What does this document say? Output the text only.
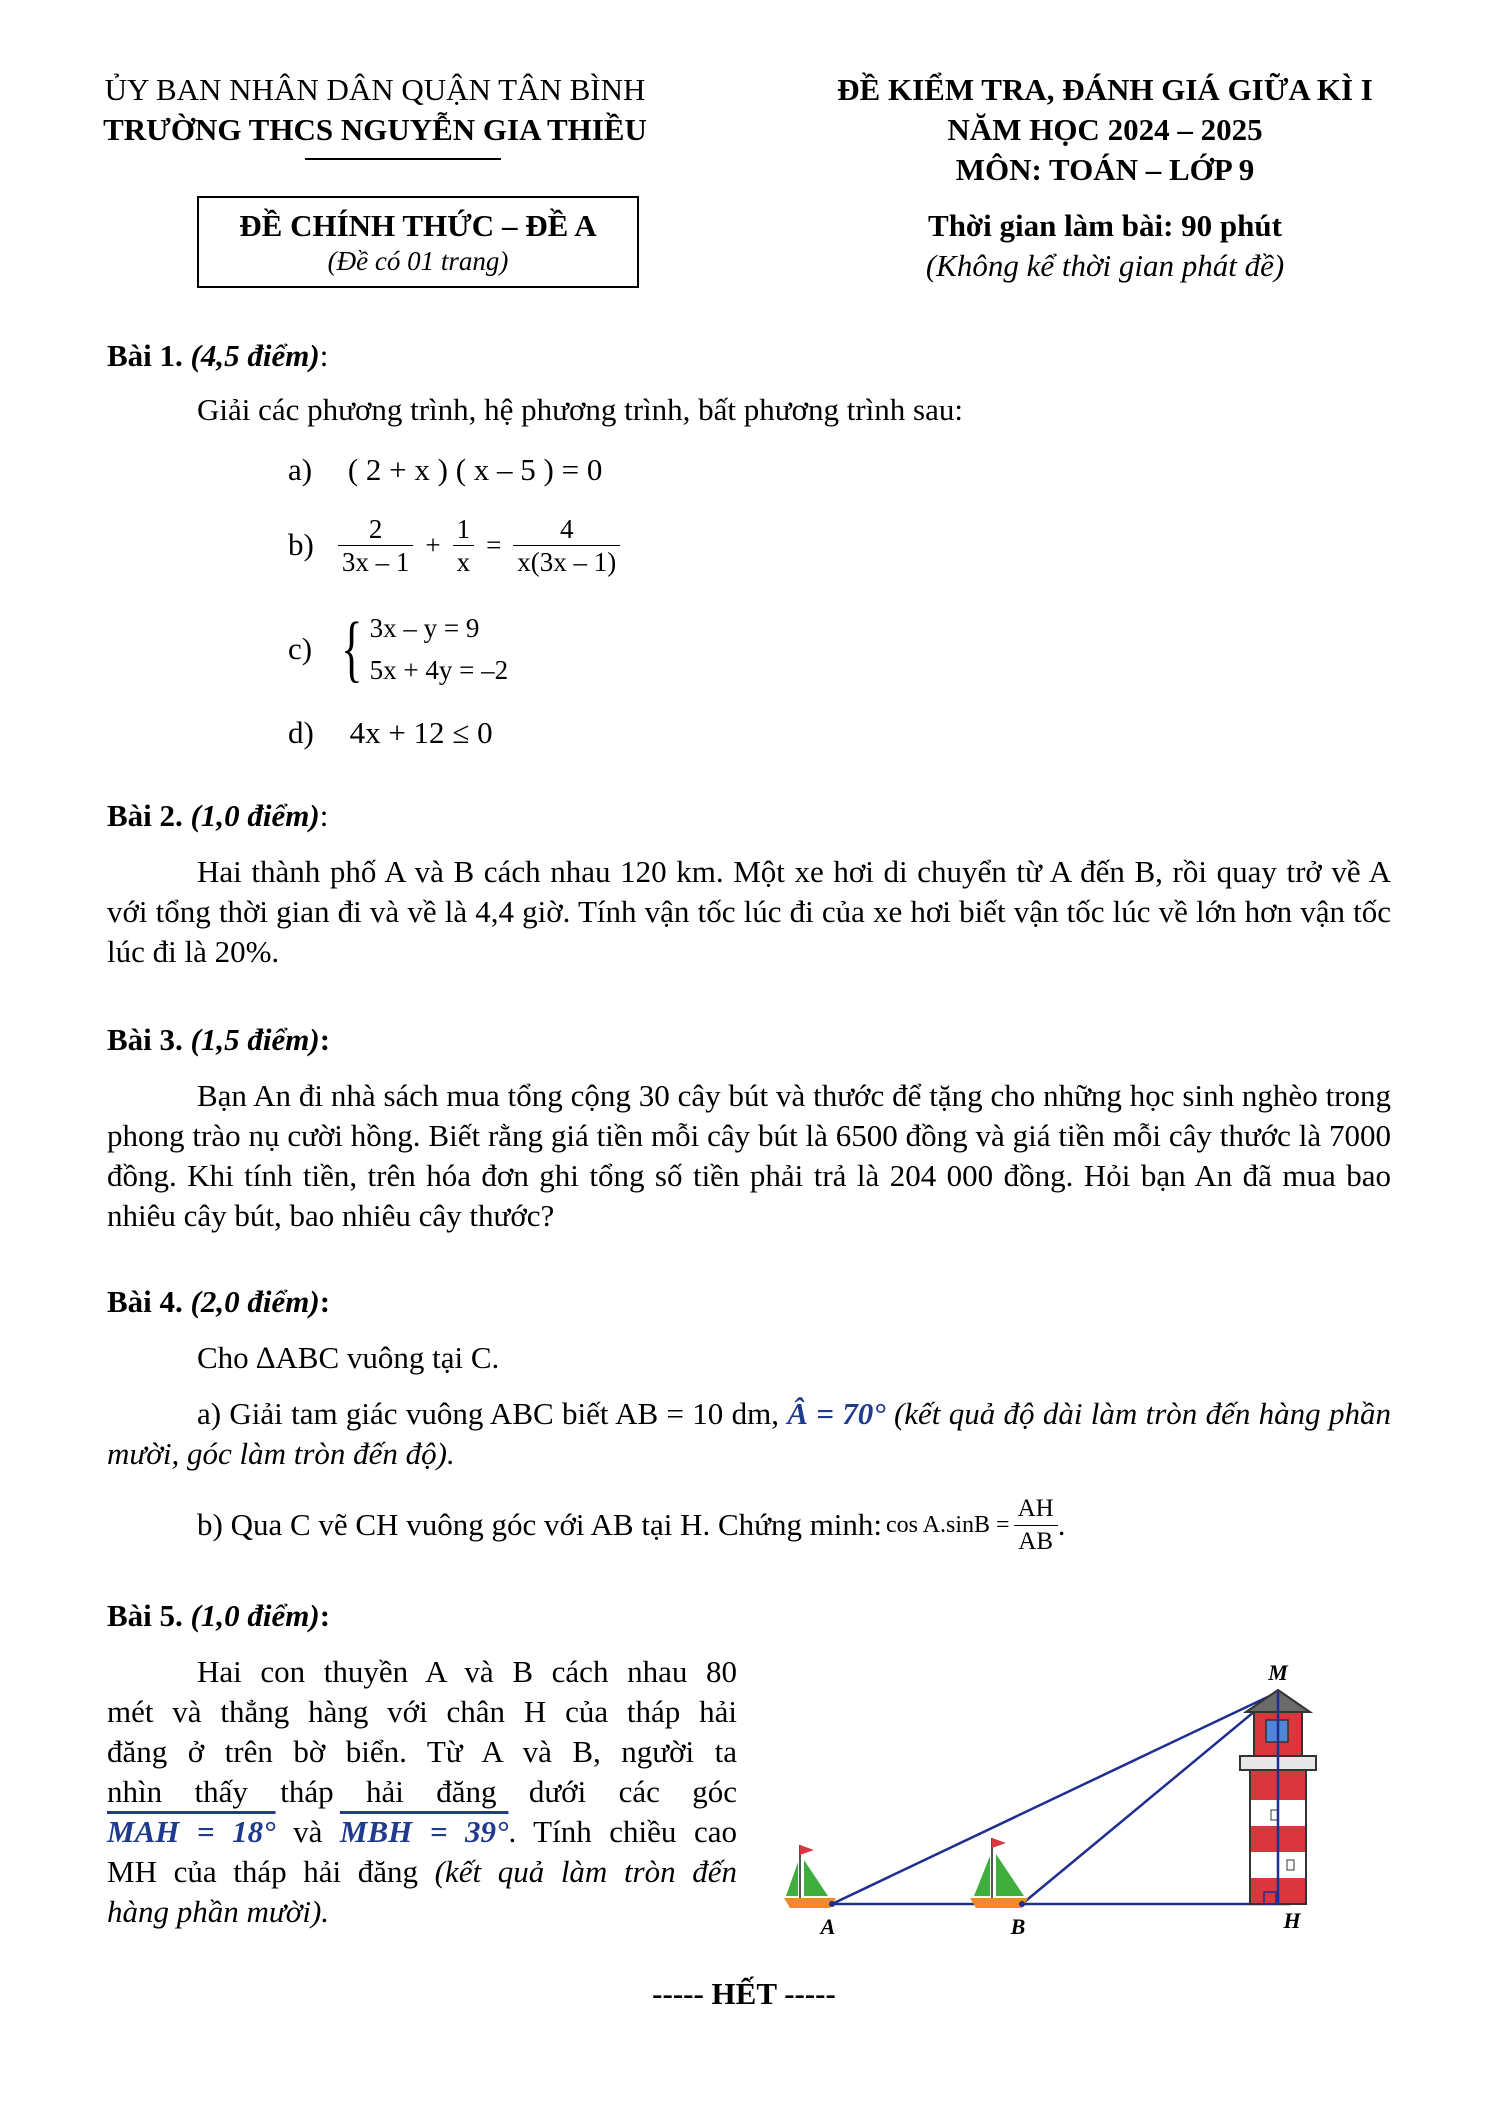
ỦY BAN NHÂN DÂN QUẬN TÂN BÌNH
TRƯỜNG THCS NGUYỄN GIA THIỀU
ĐỀ KIỂM TRA, ĐÁNH GIÁ GIỮA KÌ I
NĂM HỌC 2024 – 2025
MÔN: TOÁN – LỚP 9
ĐỀ CHÍNH THỨC – ĐỀ A
(Đề có 01 trang)
Thời gian làm bài: 90 phút
(Không kể thời gian phát đề)
Bài 1. (4,5 điểm):
Giải các phương trình, hệ phương trình, bất phương trình sau:
a) ( 2 + x ) ( x – 5 ) = 0
$b) \frac{2}{3x - 1} + \frac{1}{x} = \frac{4}{x(3x - 1)}$
c) { 3x – y = 9
5x + 4y = –2
d) 4x + 12 ≤ 0
Bài 2. (1,0 điểm):
Hai thành phố A và B cách nhau 120 km. Một xe hơi di chuyển từ A đến B, rồi quay trở về A với tổng thời gian đi và về là 4,4 giờ. Tính vận tốc lúc đi của xe hơi biết vận tốc lúc về lớn hơn vận tốc lúc đi là 20%.
Bài 3. (1,5 điểm):
Bạn An đi nhà sách mua tổng cộng 30 cây bút và thước để tặng cho những học sinh nghèo trong phong trào nụ cười hồng. Biết rằng giá tiền mỗi cây bút là 6500 đồng và giá tiền mỗi cây thước là 7000 đồng. Khi tính tiền, trên hóa đơn ghi tổng số tiền phải trả là 204 000 đồng. Hỏi bạn An đã mua bao nhiêu cây bút, bao nhiêu cây thước?
Bài 4. (2,0 điểm):
Cho ∆ABC vuông tại C.
a) Giải tam giác vuông ABC biết AB = 10 dm, Â = 70° (kết quả độ dài làm tròn đến hàng phần mười, góc làm tròn đến độ).
b) Qua C vẽ CH vuông góc với AB tại H. Chứng minh: $\cos A.\sin B = \frac{AH}{AB}$ .
Bài 5. (1,0 điểm):
Hai con thuyền A và B cách nhau 80
mét và thẳng hàng với chân H của tháp hải
đăng ở trên bờ biển. Từ A và B, người ta
nhìn thấy tháp hải đăng dưới các góc
MAH = 18° và MBH = 39°. Tính chiều cao
MH của tháp hải đăng (kết quả làm tròn đến
hàng phần mười).
M
A	B	H
----- HẾT -----
